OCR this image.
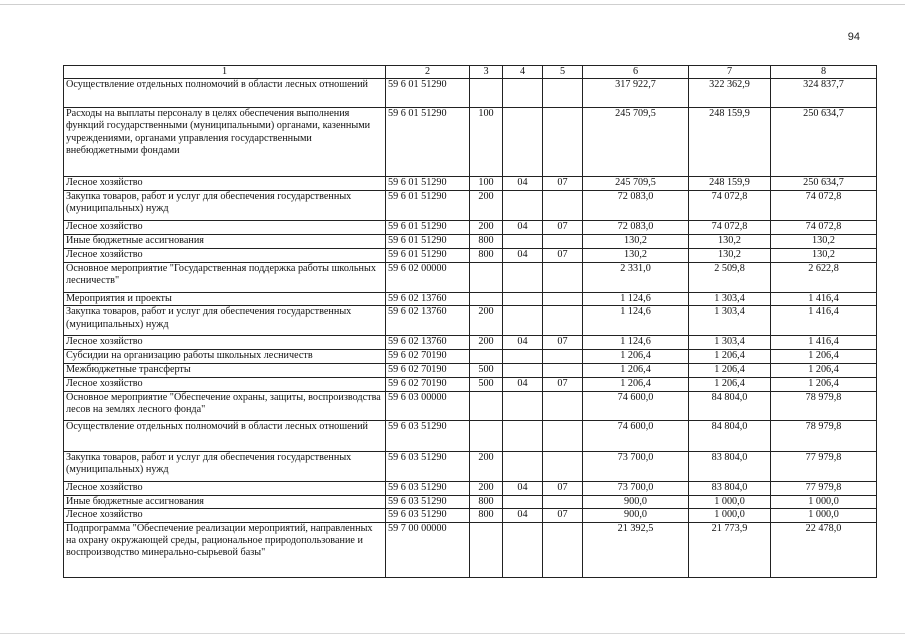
94
1	2	3	4	5	6	7	8
Осуществление отдельных полномочий в области лесных отношений	59 6 01 51290				317 922,7	322 362,9	324 837,7
Расходы на выплаты персоналу в целях обеспечения выполнения функций государственными (муниципальными) органами, казенными учреждениями, органами управления государственными внебюджетными фондами	59 6 01 51290	100			245 709,5	248 159,9	250 634,7
Лесное хозяйство	59 6 01 51290	100	04	07	245 709,5	248 159,9	250 634,7
Закупка товаров, работ и услуг для обеспечения государственных (муниципальных) нужд	59 6 01 51290	200			72 083,0	74 072,8	74 072,8
Лесное хозяйство	59 6 01 51290	200	04	07	72 083,0	74 072,8	74 072,8
Иные бюджетные ассигнования	59 6 01 51290	800			130,2	130,2	130,2
Лесное хозяйство	59 6 01 51290	800	04	07	130,2	130,2	130,2
Основное мероприятие "Государственная поддержка работы школьных лесничеств"	59 6 02 00000				2 331,0	2 509,8	2 622,8
Мероприятия и проекты	59 6 02 13760				1 124,6	1 303,4	1 416,4
Закупка товаров, работ и услуг для обеспечения государственных (муниципальных) нужд	59 6 02 13760	200			1 124,6	1 303,4	1 416,4
Лесное хозяйство	59 6 02 13760	200	04	07	1 124,6	1 303,4	1 416,4
Субсидии на организацию работы школьных лесничеств	59 6 02 70190				1 206,4	1 206,4	1 206,4
Межбюджетные трансферты	59 6 02 70190	500			1 206,4	1 206,4	1 206,4
Лесное хозяйство	59 6 02 70190	500	04	07	1 206,4	1 206,4	1 206,4
Основное мероприятие "Обеспечение охраны, защиты, воспроизводства лесов на землях лесного фонда"	59 6 03 00000				74 600,0	84 804,0	78 979,8
Осуществление отдельных полномочий в области лесных отношений	59 6 03 51290				74 600,0	84 804,0	78 979,8
Закупка товаров, работ и услуг для обеспечения государственных (муниципальных) нужд	59 6 03 51290	200			73 700,0	83 804,0	77 979,8
Лесное хозяйство	59 6 03 51290	200	04	07	73 700,0	83 804,0	77 979,8
Иные бюджетные ассигнования	59 6 03 51290	800			900,0	1 000,0	1 000,0
Лесное хозяйство	59 6 03 51290	800	04	07	900,0	1 000,0	1 000,0
Подпрограмма "Обеспечение реализации мероприятий, направленных на охрану окружающей среды, рациональное природопользование и воспроизводство минерально-сырьевой базы"	59 7 00 00000				21 392,5	21 773,9	22 478,0
